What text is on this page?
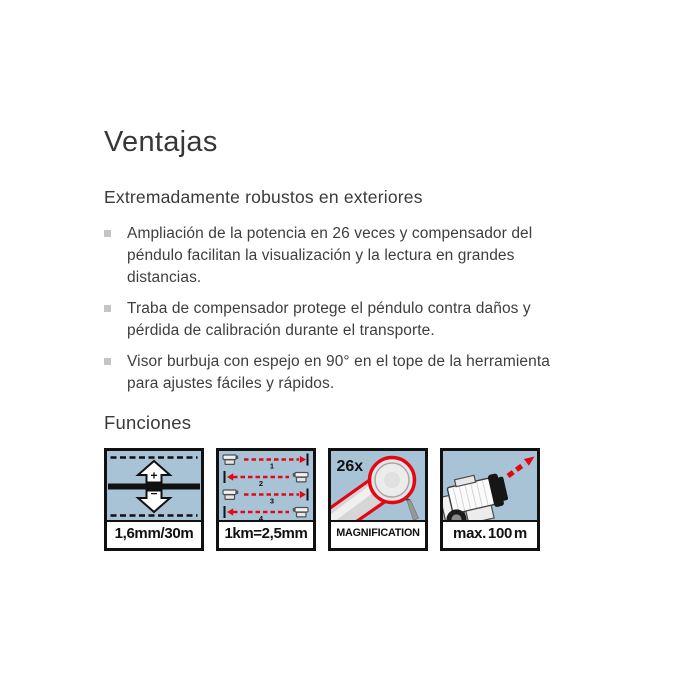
Ventajas
Extremadamente robustos en exteriores
Ampliación de la potencia en 26 veces y compensador del péndulo facilitan la visualización y la lectura en grandes distancias.
Traba de compensador protege el péndulo contra daños y pérdida de calibración durante el transporte.
Visor burbuja con espejo en 90° en el tope de la herramienta para ajustes fáciles y rápidos.
Funciones
+
−
1,6 mm/30 m
1
2
3
4
1 km = 2,5 mm
26x
MAGNIFICATION	max. 100 m
